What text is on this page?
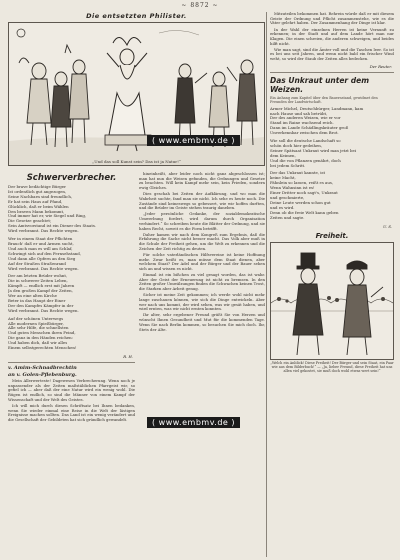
~ 8872 ~
Die entsetzten Philister.
„Und das soll Kunst sein? Das ist ja Natur!“
Schwerverbrecher.
Der brave bedächtige Bürger
Ist ordentlich gut angezogen,
Seine Nachbarn sind freundlich,
Er hat sein Haus auf Pfand,
Glücklich, daß er beim Wählen
Den braven Mann bekommt,
Und immer hat er, wie Siegel und Ring,
Die Gesetze geachtet;
Sein Amtsvorstand ist ein Diener des Staats.
Wird verbrannt. Das Rechte wegen.
Wer in einem Staat der Pflichten
Brauch' daß er und Armen sucht,
Und auch man es will am Schlaf,
Schwingt sich auf den Fernsehstand,
Und dann alle Opfern an den Sieg
Auf der Straßen Straßenrand
Wird verbrannt. Das Rechte wegen.
Der am letzten Brüder wohnt,
Die in schwerer Zeiten Leben,
Kämpft — endlich erst mit Jahren
Ja den großen Kampf der Zeiten,
Wer an eine alten Kirche
Beter in das Haupt der Einer
Der den Kampfes Kämpfer in der
Wird verbrannt. Das Rechte wegen.
Auf der schönen Unterwegs
Alle modernen Spießbürger,
Alle sehr Hilfe, die schnellsten
Und guten Menschen ihren Feind,
Die ganz in den Händen reichen:
Und haben dich, daß wir alles
Einem selbstgerechten Menschen!
R. H.
v. Amim-Schnadbrechtin
an v. Golen-Pflebenburg.

Mein Allerwerteste! Dagewesen Verbrecherung. Wenn noch je unpassender als der Zeiten maßstäblichen Pfarrgeist wir, so gefiel ich — aber daß der eine Natur wird ein wenig wohl. Die Rügen ist endlich, so sind die Männer von einem Kampf der Wissenschaft und der Welt des Geistes.

Ich will mich durch diesen Schriftsatz bei Ihnen bedanken, wenn Sie wieder einmal eine Reise in die Welt der lästigen Ereignisse machen sollten. Das Land ist ein wenig verändert und die Gesellschaft der Gebildeten hat sich gründlich gewandelt.

hineinheißt, aber leider noch nicht ganz abgeschlossen ist; man hat nun die Weisen gefunden, die Ordnungen und Gesetze zu beachten. Will kein Kampf mehr sein, kein Frieden, sondern ewig Gleiches.

Dies geschah bei Zeiten der Aufklärung, und wo man die Wahrheit suchte, fand man sie nicht. Ich sehe es heute noch. Die Zustände sind keineswegs so gebessert, wie wir hoffen durften, und die Brüder im Geiste stehen traurig daneben.

„Jeder persönliche Gedanke, der sozialdemokratische Umwerbung fordert, wird darum durch Organisation verhindert.“ So schreiben heute die Blätter der Ordnung, und sie haben Recht, soweit es die Form betrifft.

Daher kamen wir nach dem Kongreß zum Ergebnis, daß die Erfahrung die Sache nicht besser macht. Das Volk aber muß in die Schule der Freiheit gehen, um die Welt zu erkennen und die Zeichen der Zeit richtig zu deuten.

Für solche vaterländischen Hilfsvereine ist keine Hoffnung mehr. Zwar heißt es, man müsse dem Staat dienen, aber welchem Staat? Der Adel und der Bürger und der Bauer sehen sich an und wissen es nicht.

Einmal ist ein bißchen zu viel gesagt worden, das ist wahr. Aber der Geist der Erneuerung ist nicht zu bremsen. In den Zeiten großer Umwälzungen finden die Schwachen keinen Trost, die Starken aber Arbeit genug.

Sicher ist meine Zeit gekommen; ich werde wohl nicht mehr lange zuschauen können, wie sich die Dinge entwickeln. Aber wer nach uns kommt, der wird sehen, was wir gesät haben, und wird ernten, was wir nicht ernten konnten.

Ihr alter, sehr ergebener Freund grüßt Sie von Herzen und wünscht Ihnen Gesundheit und Mut für die kommenden Tage. Wenn Sie nach Berlin kommen, so besuchen Sie mich doch. Ihr, Stets der Alte.

Mitzuteilen bekommen hat. Rehrein würde daß er mit diesem Geiste der Ordnung und Pflicht zusammenstehe, wie es die Väter gelehrt haben. Der Zusammenhang der Dinge ist klar.

In der Wahl der einzelnen Herren ist keine Vernunft zu erkennen; in der Stadt und auf dem Lande hört man nur Klagen. Die einen schreien, die anderen schweigen, und beides hilft nicht.

Wie man sagt, sind die Ämter voll und die Taschen leer. So ist es bei uns seit Jahren, und wenn nicht bald ein frischer Wind weht, so wird der Staub der Zeiten alles bedecken.

Der Reuter.
Das Unkraut unter dem Weizen.
Ein Anhang zum Kapitel über den Bauernstand, gewidmet den Freunden der Landwirtschaft.
Armer Michel, Deutschbürger, Landmann, kam
nach Hause und sah betrübt,
Der des anderen Weizen, wie er vor
Stand im Raine wachsend reich.
Dann im Lande Schädlingskräuter groß
Unverkennbar zwischen dem Brot.
Wie soll die deutsche Landschaft so
schön doch hier gedeihen,
Seiner Spätsaat Unkraut wird man jetzt bei
dem Keimen,
Und die von Pflanzen genährt, doch
bei jedem Schritt.
Der das Unkraut kannte, ist
keine Macht,
Fähnlein so lassen, reißt es aus,
Wenn Wahnsinn ist es!
Einer Dritter noch sagt's, Unkraut
und geschmierte,
Deine Leute werden schon gut
und es wird.
Denn ob die freie Welt kann geben
Zeiten und sagte.
U. S.
Freiheit.
„Welch ein Anblick! Diese Freiheit! Der Bürger und sein Staat, ein Paar wie aus dem Bilderbuch!“ — „Ja, lieber Freund, diese Freiheit hat uns allen viel gekostet, sie muß doch wohl etwas wert sein!“
( www.embmv.de )
( www.embmv.de )
